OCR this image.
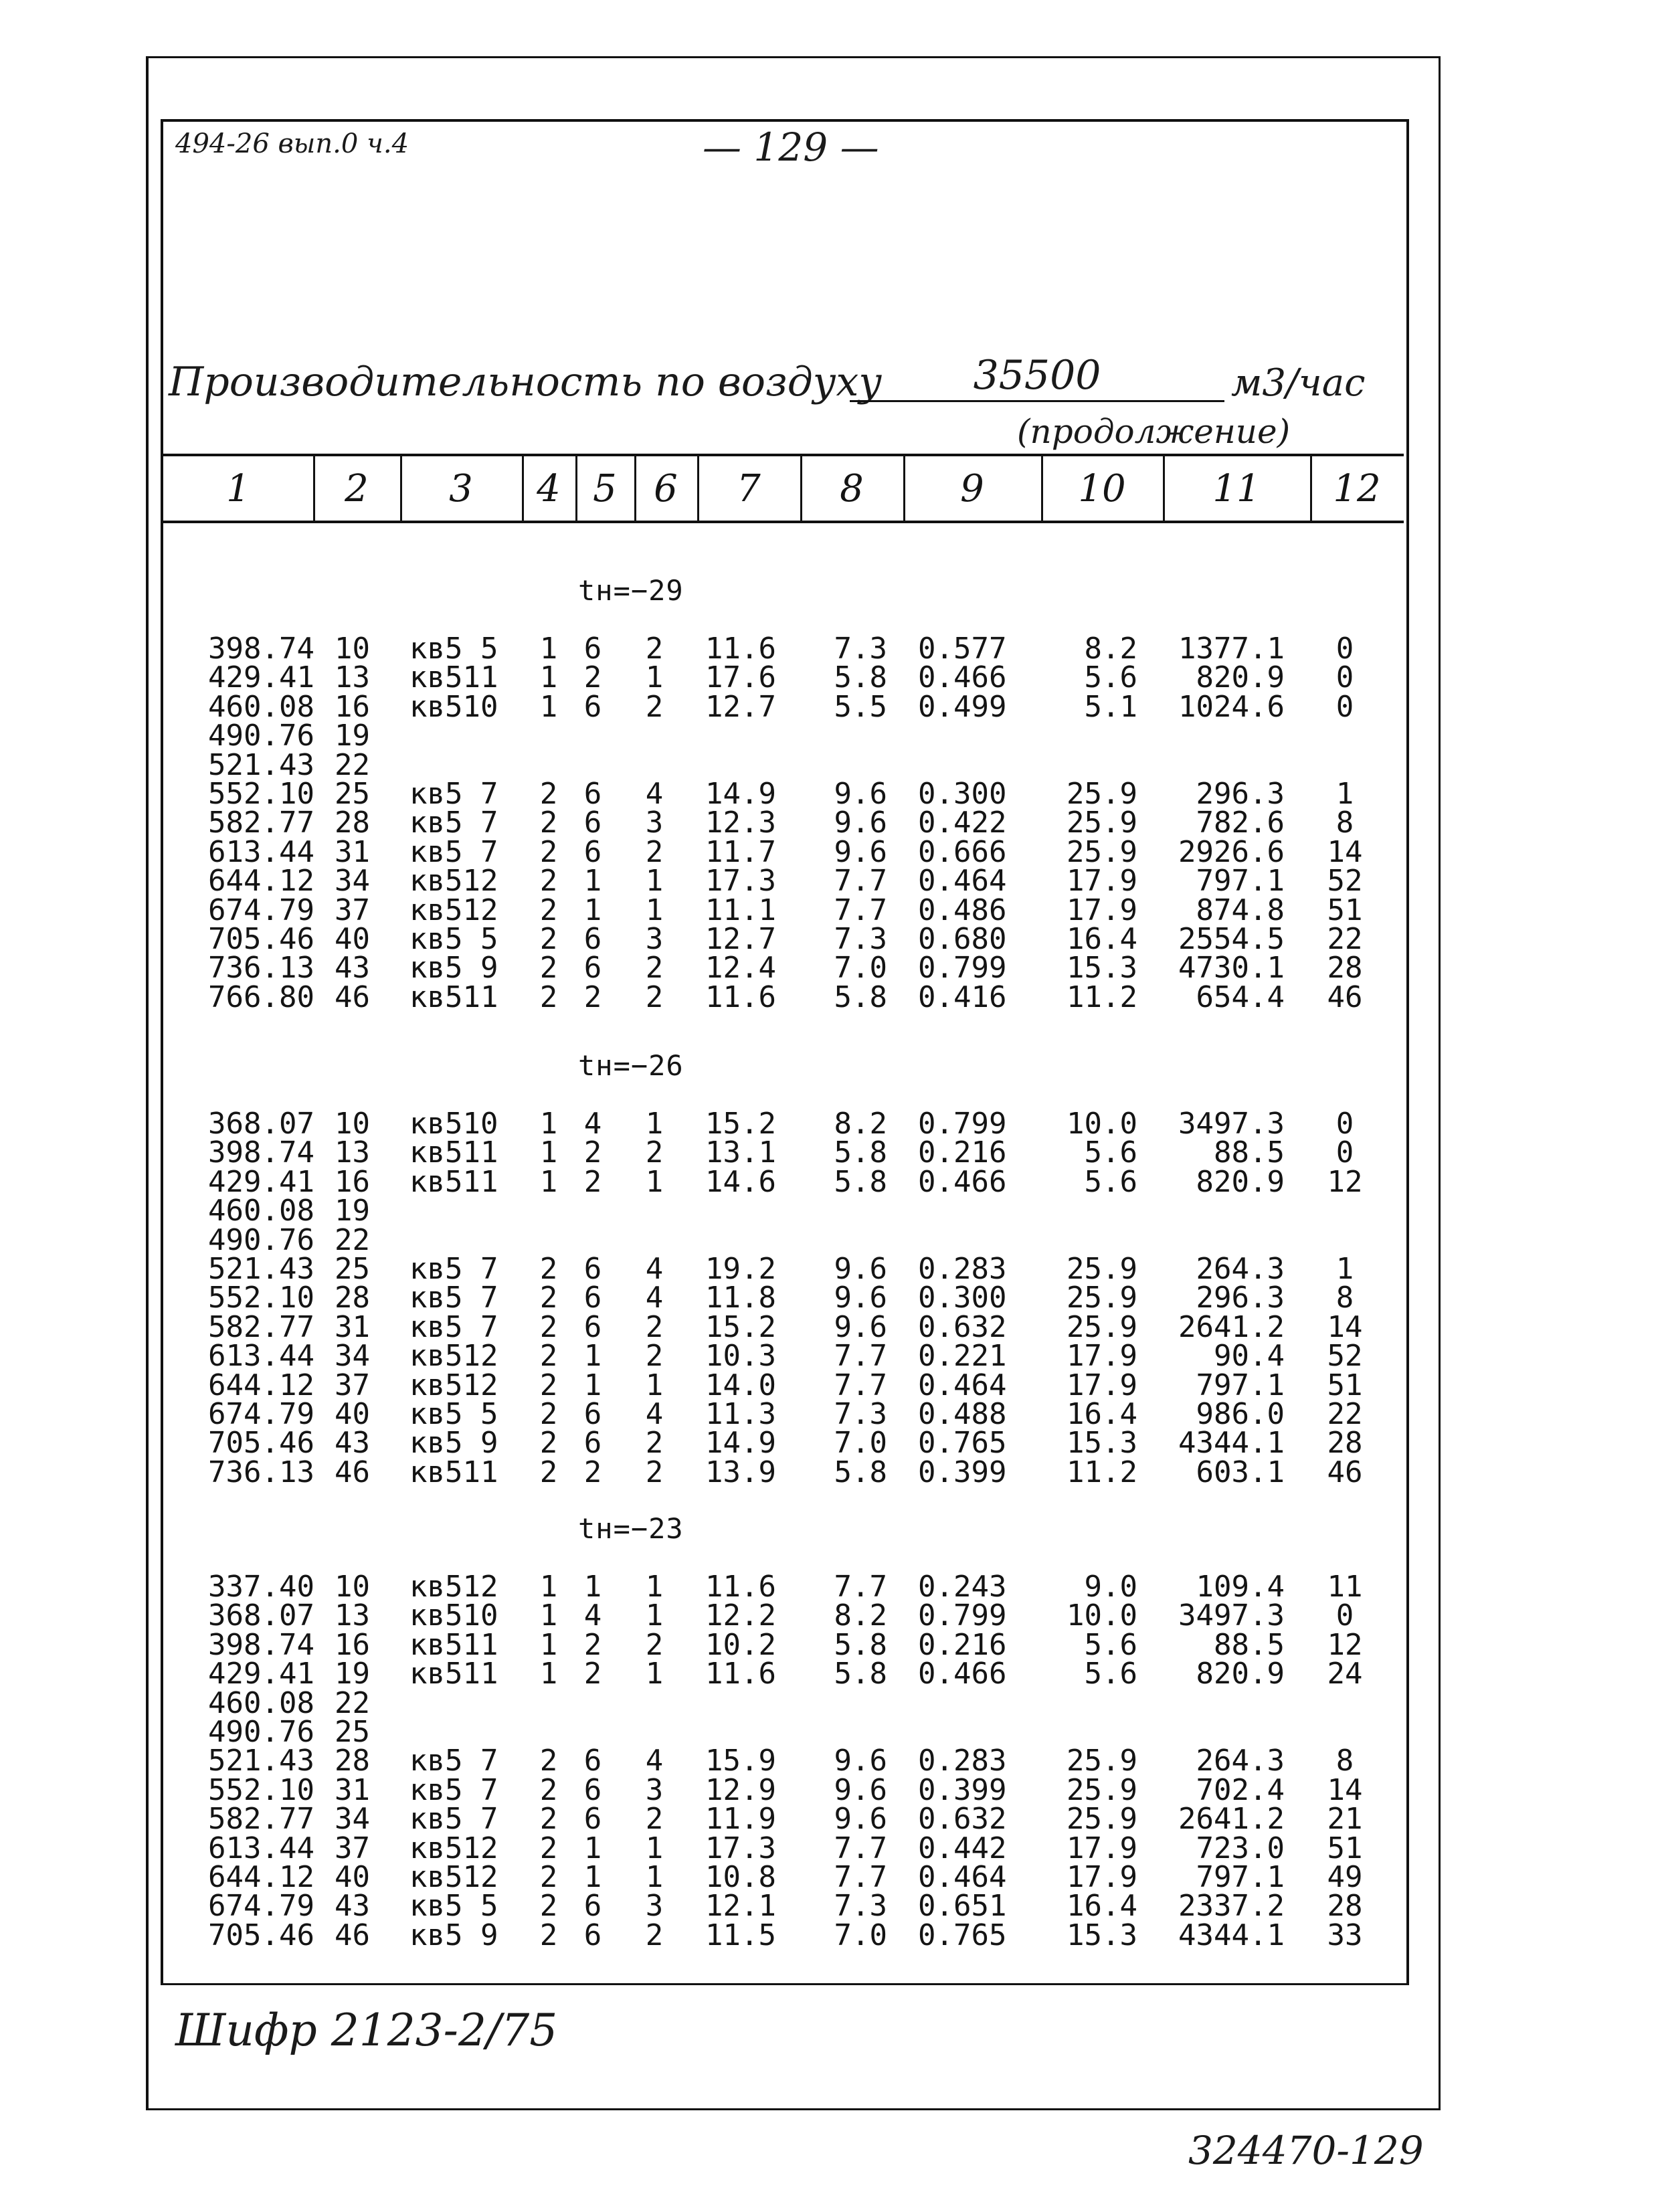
494-26 вып.0 ч.4	— 129 —
Производительность по воздуху	35500	м3/час
(продолжение)
1	2	3	4 5 6	7	8	9	10	11	12
tн=−29
398.74 10	кв5 5	1 6 2	11.6	7.3 0.577	8.2	1377.1	0
429.41 13	кв511	1 2 1	17.6	5.8 0.466	5.6	820.9	0
460.08 16	кв510	1 6 2	12.7	5.5 0.499	5.1	1024.6	0
490.76 19
521.43 22
552.10 25	кв5 7	2 6 4	14.9	9.6 0.300	25.9	296.3	1
582.77 28	кв5 7	2 6 3	12.3	9.6 0.422	25.9	782.6	8
613.44 31	кв5 7	2 6 2	11.7	9.6 0.666	25.9	2926.6	14
644.12 34	кв512	2 1 1	17.3	7.7 0.464	17.9	797.1	52
674.79 37	кв512	2 1 1	11.1	7.7 0.486	17.9	874.8	51
705.46 40	кв5 5	2 6 3	12.7	7.3 0.680	16.4	2554.5	22
736.13 43	кв5 9	2 6 2	12.4	7.0 0.799	15.3	4730.1	28
766.80 46	кв511	2 2 2	11.6	5.8 0.416	11.2	654.4	46
tн=−26
368.07 10	кв510	1 4 1	15.2	8.2 0.799	10.0	3497.3	0
398.74 13	кв511	1 2 2	13.1	5.8 0.216	5.6	88.5	0
429.41 16	кв511	1 2 1	14.6	5.8 0.466	5.6	820.9	12
460.08 19
490.76 22
521.43 25	кв5 7	2 6 4	19.2	9.6 0.283	25.9	264.3	1
552.10 28	кв5 7	2 6 4	11.8	9.6 0.300	25.9	296.3	8
582.77 31	кв5 7	2 6 2	15.2	9.6 0.632	25.9	2641.2	14
613.44 34	кв512	2 1 2	10.3	7.7 0.221	17.9	90.4	52
644.12 37	кв512	2 1 1	14.0	7.7 0.464	17.9	797.1	51
674.79 40	кв5 5	2 6 4	11.3	7.3 0.488	16.4	986.0	22
705.46 43	кв5 9	2 6 2	14.9	7.0 0.765	15.3	4344.1	28
736.13 46	кв511	2 2 2	13.9	5.8 0.399	11.2	603.1	46
tн=−23
337.40 10	кв512	1 1 1	11.6	7.7 0.243	9.0	109.4	11
368.07 13	кв510	1 4 1	12.2	8.2 0.799	10.0	3497.3	0
398.74 16	кв511	1 2 2	10.2	5.8 0.216	5.6	88.5	12
429.41 19	кв511	1 2 1	11.6	5.8 0.466	5.6	820.9	24
460.08 22
490.76 25
521.43 28	кв5 7	2 6 4	15.9	9.6 0.283	25.9	264.3	8
552.10 31	кв5 7	2 6 3	12.9	9.6 0.399	25.9	702.4	14
582.77 34	кв5 7	2 6 2	11.9	9.6 0.632	25.9	2641.2	21
613.44 37	кв512	2 1 1	17.3	7.7 0.442	17.9	723.0	51
644.12 40	кв512	2 1 1	10.8	7.7 0.464	17.9	797.1	49
674.79 43	кв5 5	2 6 3	12.1	7.3 0.651	16.4	2337.2	28
705.46 46	кв5 9	2 6 2	11.5	7.0 0.765	15.3	4344.1	33
Шифр 2123-2/75
324470-129
